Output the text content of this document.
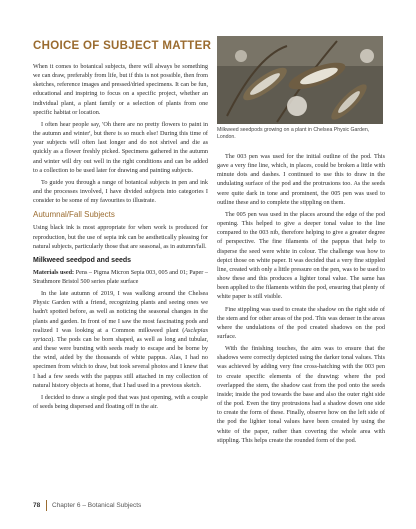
CHOICE OF SUBJECT MATTER

When it comes to botanical subjects, there will always be something we can draw, preferably from life, but if this is not possible, then from sketches, reference images and pressed/dried specimens. It can be fun, educational and inspiring to focus on a specific project, whether an individual plant, a plant family or a selection of plants from one specific habitat or location.

I often hear people say, 'Oh there are no pretty flowers to paint in the autumn and winter', but there is so much else! During this time of year subjects will often last longer and do not shrivel and die as quickly as a flower freshly picked. Specimens gathered in the autumn and winter will dry out well in the right conditions and can be added to a collection to be used later for drawing and painting subjects.

To guide you through a range of botanical subjects in pen and ink and the processes involved, I have divided subjects into categories I consider to be some of my favourites to illustrate.

Autumnal/Fall Subjects

Using black ink is most appropriate for when work is produced for reproduction, but the use of sepia ink can be aesthetically pleasing for natural subjects, particularly those that are seasonal, as in autumn/fall.

Milkweed seedpod and seeds

Materials used: Pens – Pigma Micron Sepia 003, 005 and 01; Paper – Strathmore Bristol 500 series plate surface

In the late autumn of 2019, I was walking around the Chelsea Physic Garden with a friend, recognizing plants and seeing ones we hadn't spotted before, as well as noticing the seasonal changes in the plants and garden. In front of me I saw the most fascinating pods and realized I was looking at a Common milkweed plant (Asclepias syriaca). The pods can be born shaped, as well as long and tubular, and these were bursting with seeds ready to escape and be borne by the wind, aided by the thousands of white pappus. Alas, I had no specimen from which to draw, but took several photos and I knew that I had a few seeds with the pappus still attached in my collection of natural history objects at home, that I had used in a previous sketch.

I decided to draw a single pod that was just opening, with a couple of seeds being dispersed and floating off in the air.

Milkweed seedpods growing on a plant in Chelsea Physic Garden, London.

The 003 pen was used for the initial outline of the pod. This gave a very fine line, which, in places, could be broken a little with minute dots and dashes. I continued to use this to draw in the undulating surface of the pod and the protrusions too. As the seeds were quite dark in tone and prominent, the 005 pen was used to outline these and to complete the stippling on them.

The 005 pen was used in the places around the edge of the pod opening. This helped to give a deeper tonal value to the line compared to the 003 nib, therefore helping to give a greater degree of perspective. The fine filaments of the pappus that help to disperse the seed were white in colour. The challenge was how to depict those on white paper. It was decided that a very fine stippled line, created with only a little pressure on the pen, was to be used to show these and this produces a lighter tonal value. The same has been applied to the filaments within the pod, ensuring that plenty of white paper is still visible.

Fine stippling was used to create the shadow on the right side of the stem and for other areas of the pod. This was denser in the areas where the undulations of the pod created shadows on the pod surface.

With the finishing touches, the aim was to ensure that the shadows were correctly depicted using the darker tonal values. This was achieved by adding very fine cross-hatching with the 003 pen to create specific elements of the drawing: where the pod overlapped the stem, the shadow cast from the pod onto the seeds inside; inside the pod towards the base and also the outer right side of the pod. Even the tiny protrusions had a shadow down one side to create the form of these. Finally, observe how on the left side of the pod the lighter tonal values have been created by using the white of the paper, rather than covering the whole area with stippling. This helps create the rounded form of the pod.

78 Chapter 6 – Botanical Subjects
